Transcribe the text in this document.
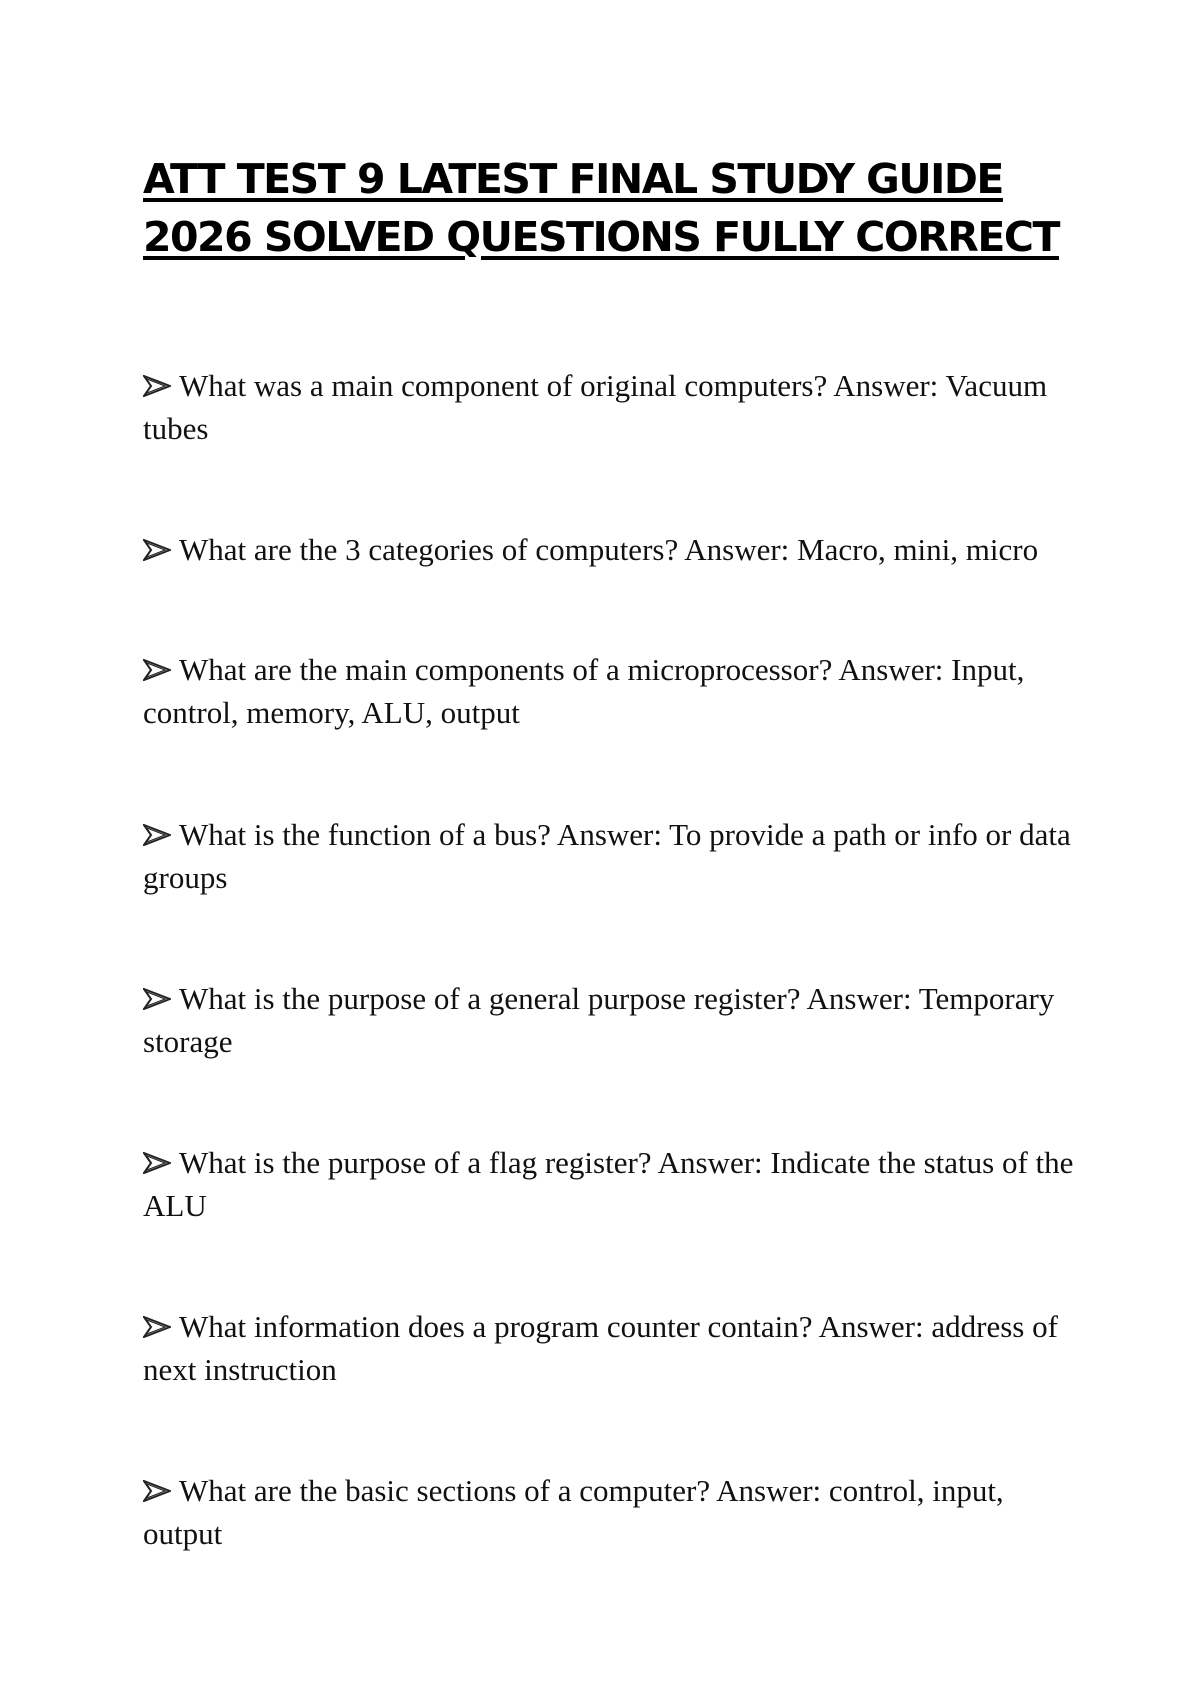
ATT TEST 9 LATEST FINAL STUDY GUIDE
2026 SOLVED QUESTIONS FULLY CORRECT

What was a main component of original computers? Answer: Vacuum tubes

What are the 3 categories of computers? Answer: Macro, mini, micro

What are the main components of a microprocessor? Answer: Input, control, memory, ALU, output

What is the function of a bus? Answer: To provide a path or info or data groups

What is the purpose of a general purpose register? Answer: Temporary storage

What is the purpose of a flag register? Answer: Indicate the status of the ALU

What information does a program counter contain? Answer: address of next instruction

What are the basic sections of a computer? Answer: control, input, output
